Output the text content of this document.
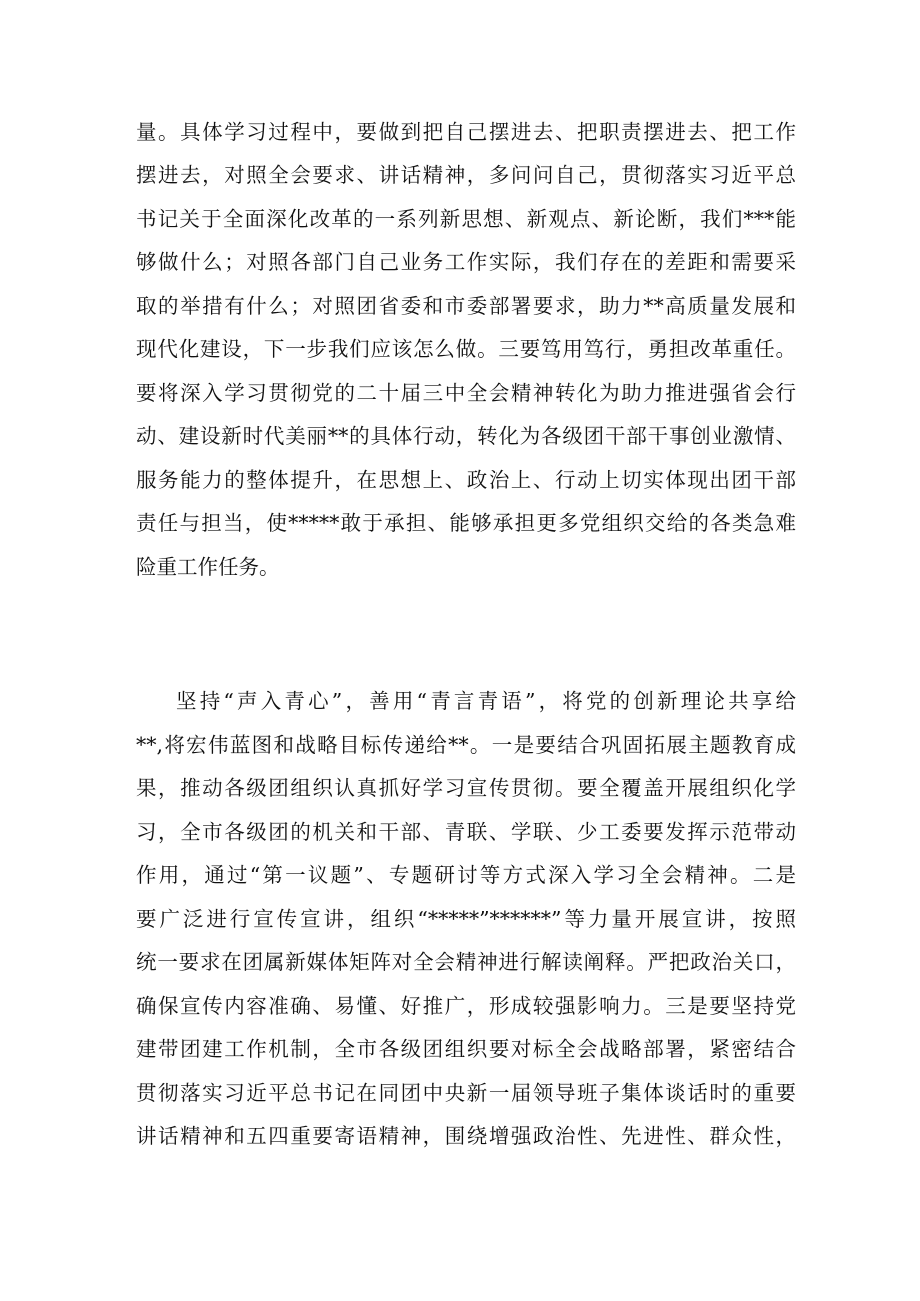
量。具体学习过程中，要做到把自己摆进去、把职责摆进去、把工作
摆进去，对照全会要求、讲话精神，多问问自己，贯彻落实习近平总
书记关于全面深化改革的一系列新思想、新观点、新论断，我们***能
够做什么；对照各部门自己业务工作实际，我们存在的差距和需要采
取的举措有什么；对照团省委和市委部署要求，助力**高质量发展和
现代化建设，下一步我们应该怎么做。三要笃用笃行，勇担改革重任。
要将深入学习贯彻党的二十届三中全会精神转化为助力推进强省会行
动、建设新时代美丽**的具体行动，转化为各级团干部干事创业激情、
服务能力的整体提升，在思想上、政治上、行动上切实体现出团干部
责任与担当，使*****敢于承担、能够承担更多党组织交给的各类急难
险重工作任务。
坚持“声入青心”，善用“青言青语”，将党的创新理论共享给
**,将宏伟蓝图和战略目标传递给**。一是要结合巩固拓展主题教育成
果，推动各级团组织认真抓好学习宣传贯彻。要全覆盖开展组织化学
习，全市各级团的机关和干部、青联、学联、少工委要发挥示范带动
作用，通过“第一议题”、专题研讨等方式深入学习全会精神。二是
要广泛进行宣传宣讲，组织“*****”******”等力量开展宣讲，按照
统一要求在团属新媒体矩阵对全会精神进行解读阐释。严把政治关口，
确保宣传内容准确、易懂、好推广，形成较强影响力。三是要坚持党
建带团建工作机制，全市各级团组织要对标全会战略部署，紧密结合
贯彻落实习近平总书记在同团中央新一届领导班子集体谈话时的重要
讲话精神和五四重要寄语精神，围绕增强政治性、先进性、群众性，
